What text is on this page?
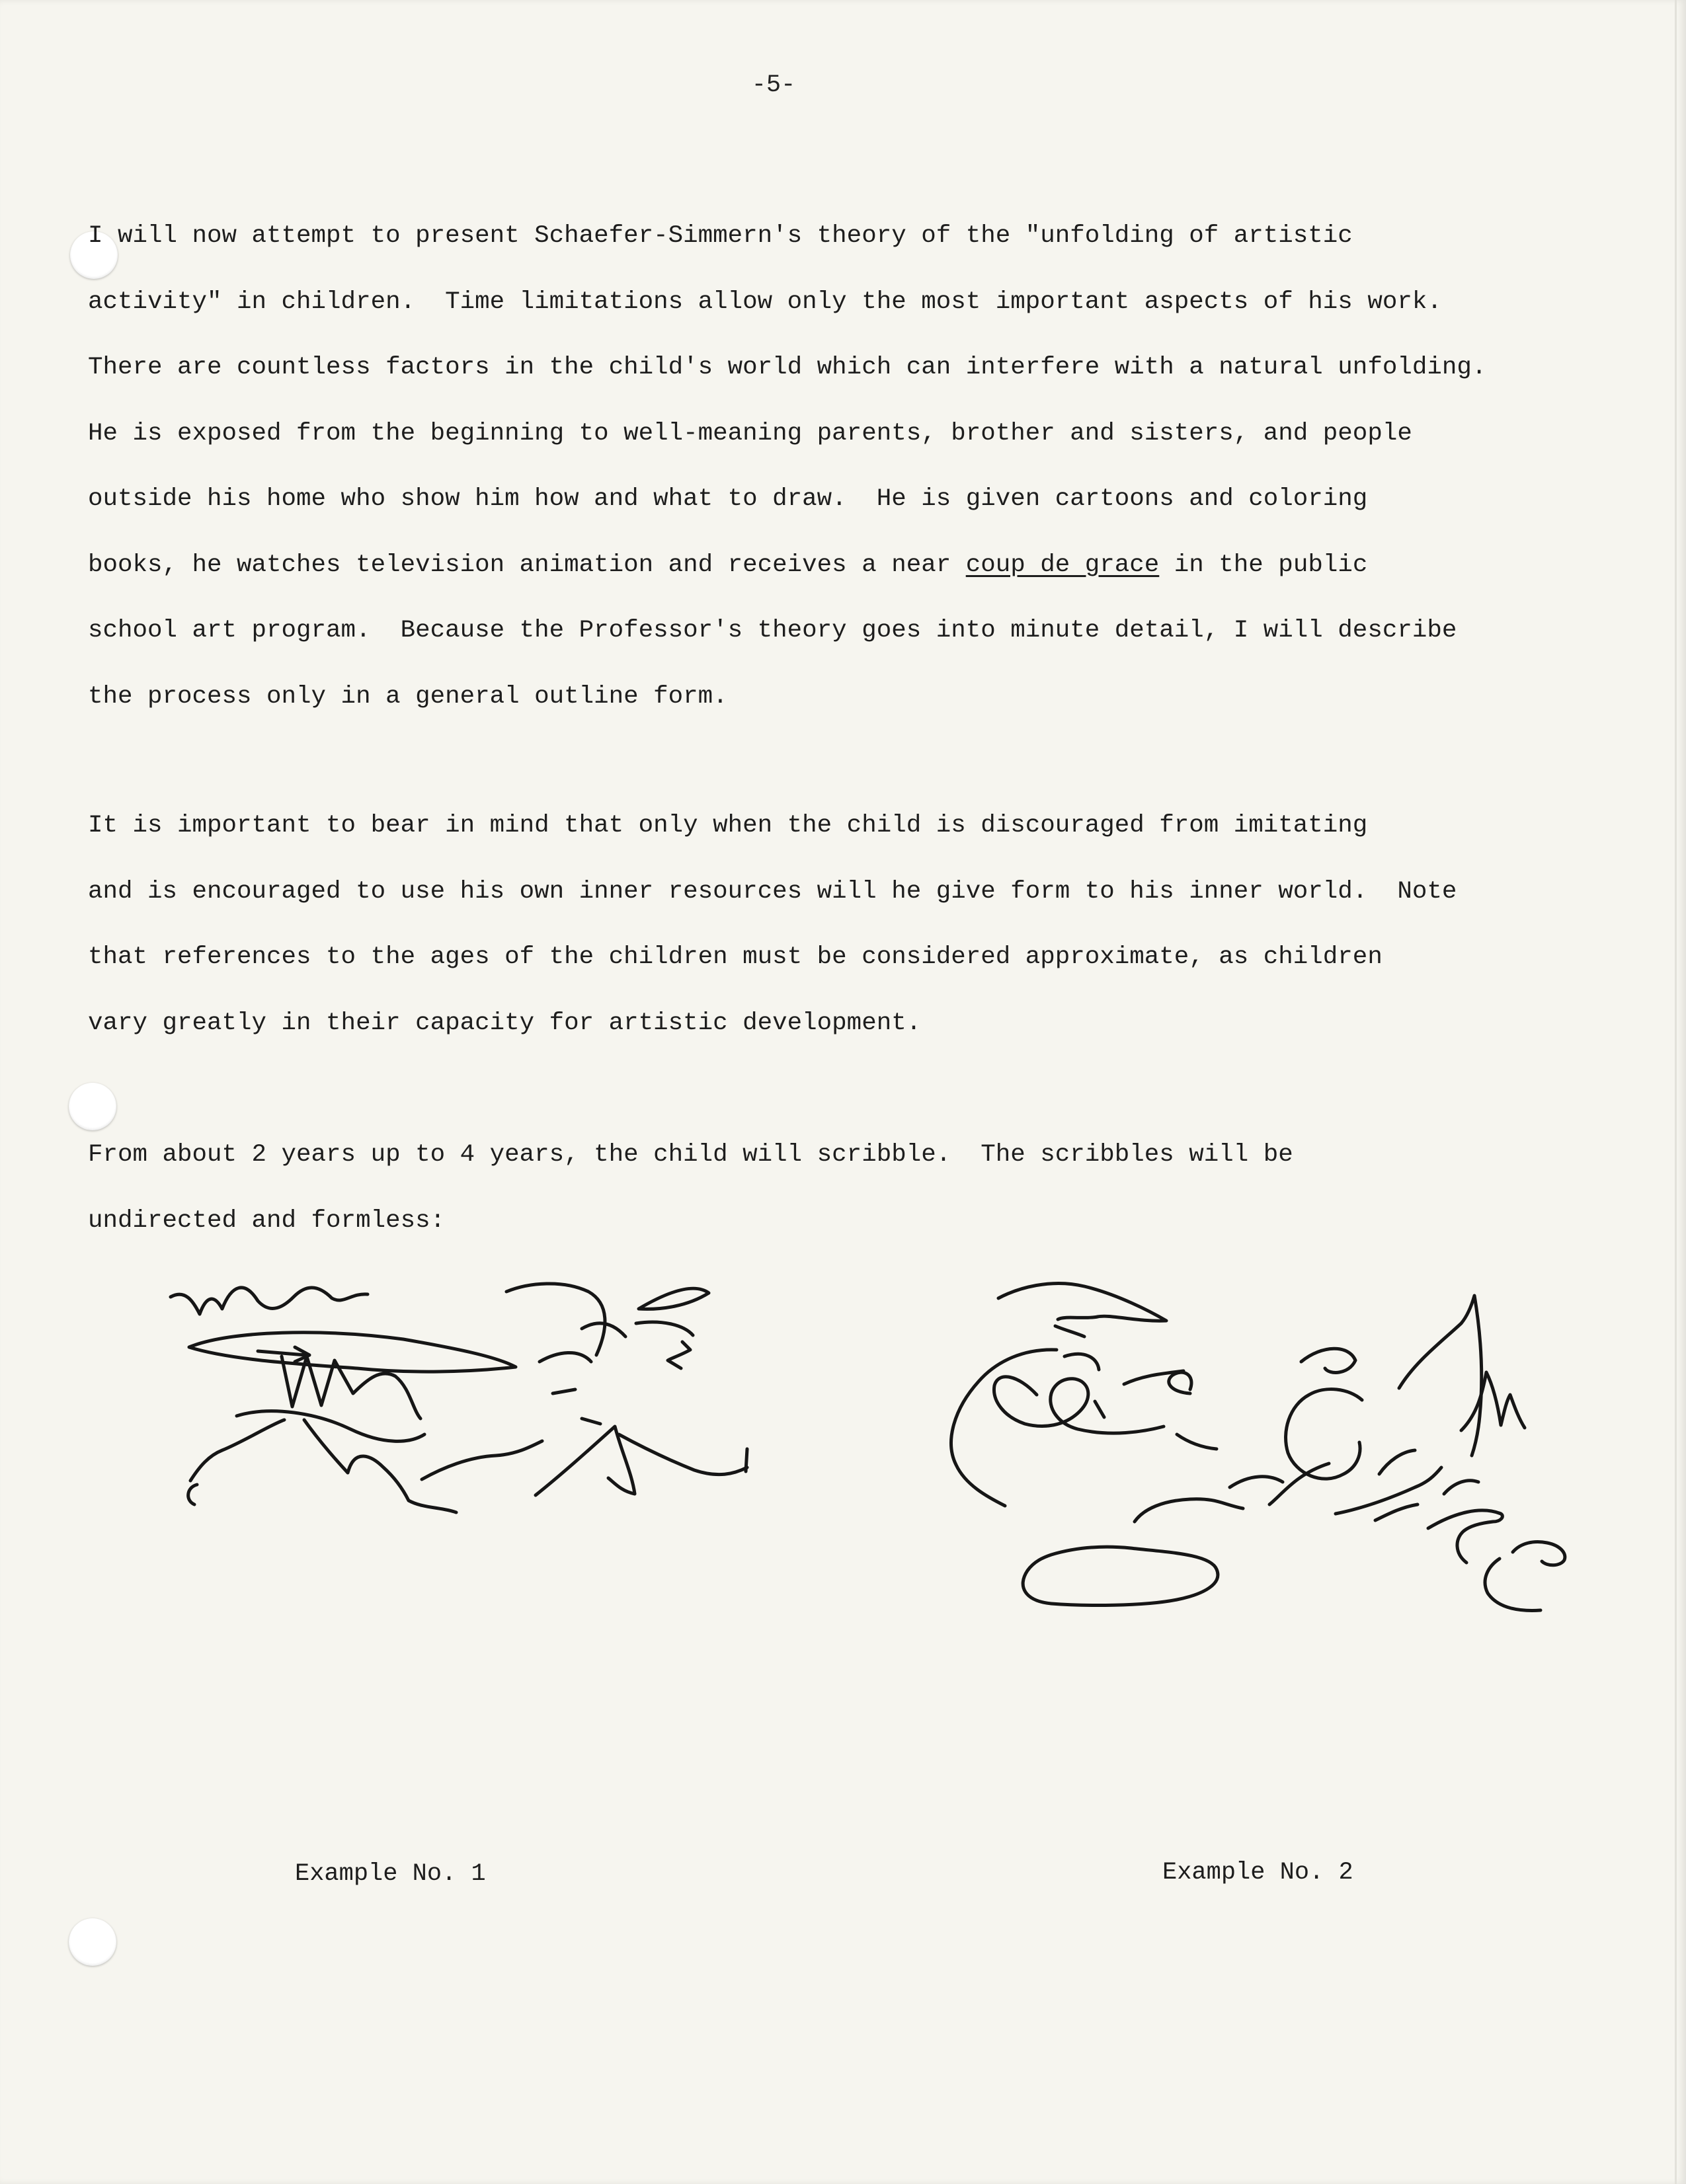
-5-
I will now attempt to present Schaefer-Simmern's theory of the "unfolding of artistic
activity" in children.  Time limitations allow only the most important aspects of his work.
There are countless factors in the child's world which can interfere with a natural unfolding.
He is exposed from the beginning to well-meaning parents, brother and sisters, and people
outside his home who show him how and what to draw.  He is given cartoons and coloring
books, he watches television animation and receives a near coup de grace in the public
school art program.  Because the Professor's theory goes into minute detail, I will describe
the process only in a general outline form.
It is important to bear in mind that only when the child is discouraged from imitating
and is encouraged to use his own inner resources will he give form to his inner world.  Note
that references to the ages of the children must be considered approximate, as children
vary greatly in their capacity for artistic development.
From about 2 years up to 4 years, the child will scribble.  The scribbles will be
undirected and formless:
Example No. 1	Example No. 2
